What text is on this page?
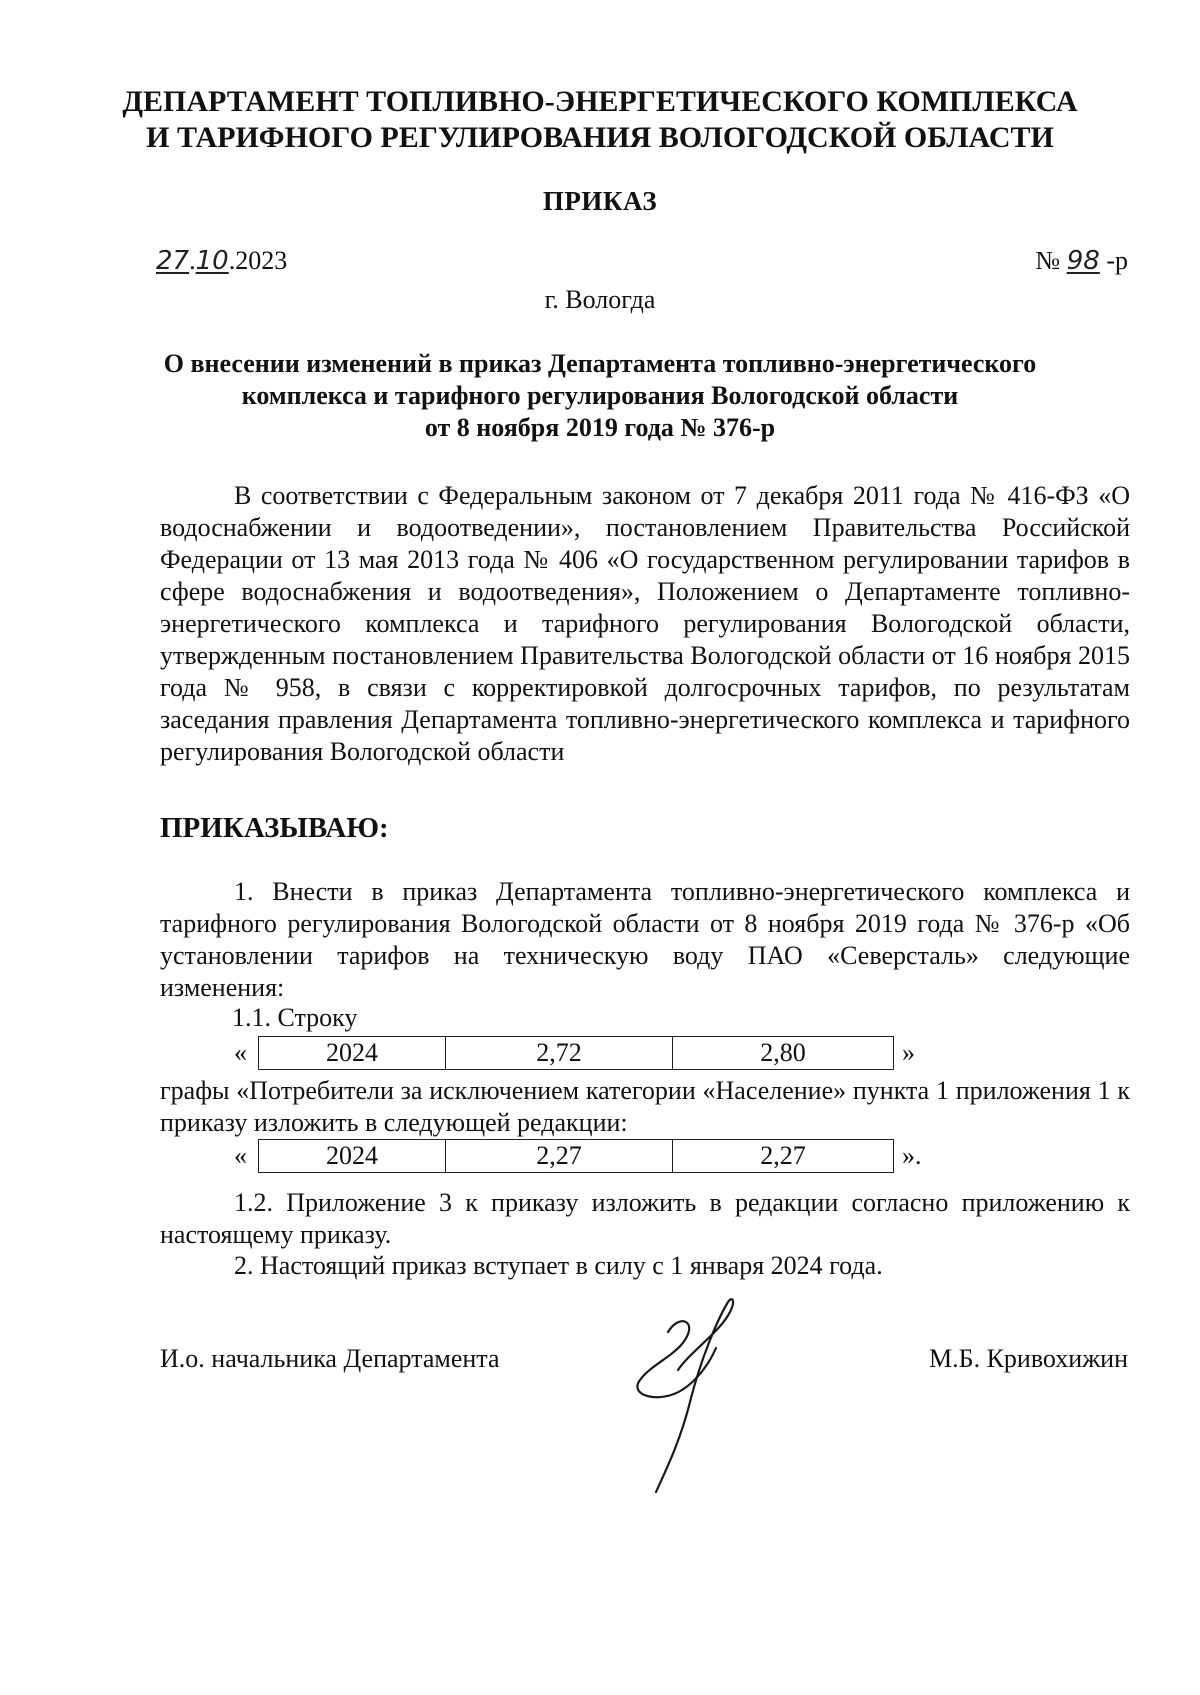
ДЕПАРТАМЕНТ ТОПЛИВНО-ЭНЕРГЕТИЧЕСКОГО КОМПЛЕКСА
И ТАРИФНОГО РЕГУЛИРОВАНИЯ ВОЛОГОДСКОЙ ОБЛАСТИ
ПРИКАЗ
27.10.2023	№ 98 -р
г. Вологда
О внесении изменений в приказ Департамента топливно-энергетического
комплекса и тарифного регулирования Вологодской области
от 8 ноября 2019 года № 376-р
В соответствии с Федеральным законом от 7 декабря 2011 года № 416-ФЗ «О водоснабжении и водоотведении», постановлением Правительства Российской Федерации от 13 мая 2013 года № 406 «О государственном регулировании тарифов в сфере водоснабжения и водоотведения», Положением о Департаменте топливно-энергетического комплекса и тарифного регулирования Вологодской области, утвержденным постановлением Правительства Вологодской области от 16 ноября 2015 года № 958, в связи с корректировкой долгосрочных тарифов, по результатам заседания правления Департамента топливно-энергетического комплекса и тарифного регулирования Вологодской области
ПРИКАЗЫВАЮ:
1. Внести в приказ Департамента топливно-энергетического комплекса и тарифного регулирования Вологодской области от 8 ноября 2019 года № 376-р «Об установлении тарифов на техническую воду ПАО «Северсталь» следующие изменения:
1.1. Строку
«	2024	2,72	2,80	»
графы «Потребители за исключением категории «Население» пункта 1 приложения 1 к приказу изложить в следующей редакции:
«	2024	2,27	2,27	».
1.2. Приложение 3 к приказу изложить в редакции согласно приложению к настоящему приказу.
2. Настоящий приказ вступает в силу с 1 января 2024 года.
И.о. начальника Департамента	М.Б. Кривохижин
